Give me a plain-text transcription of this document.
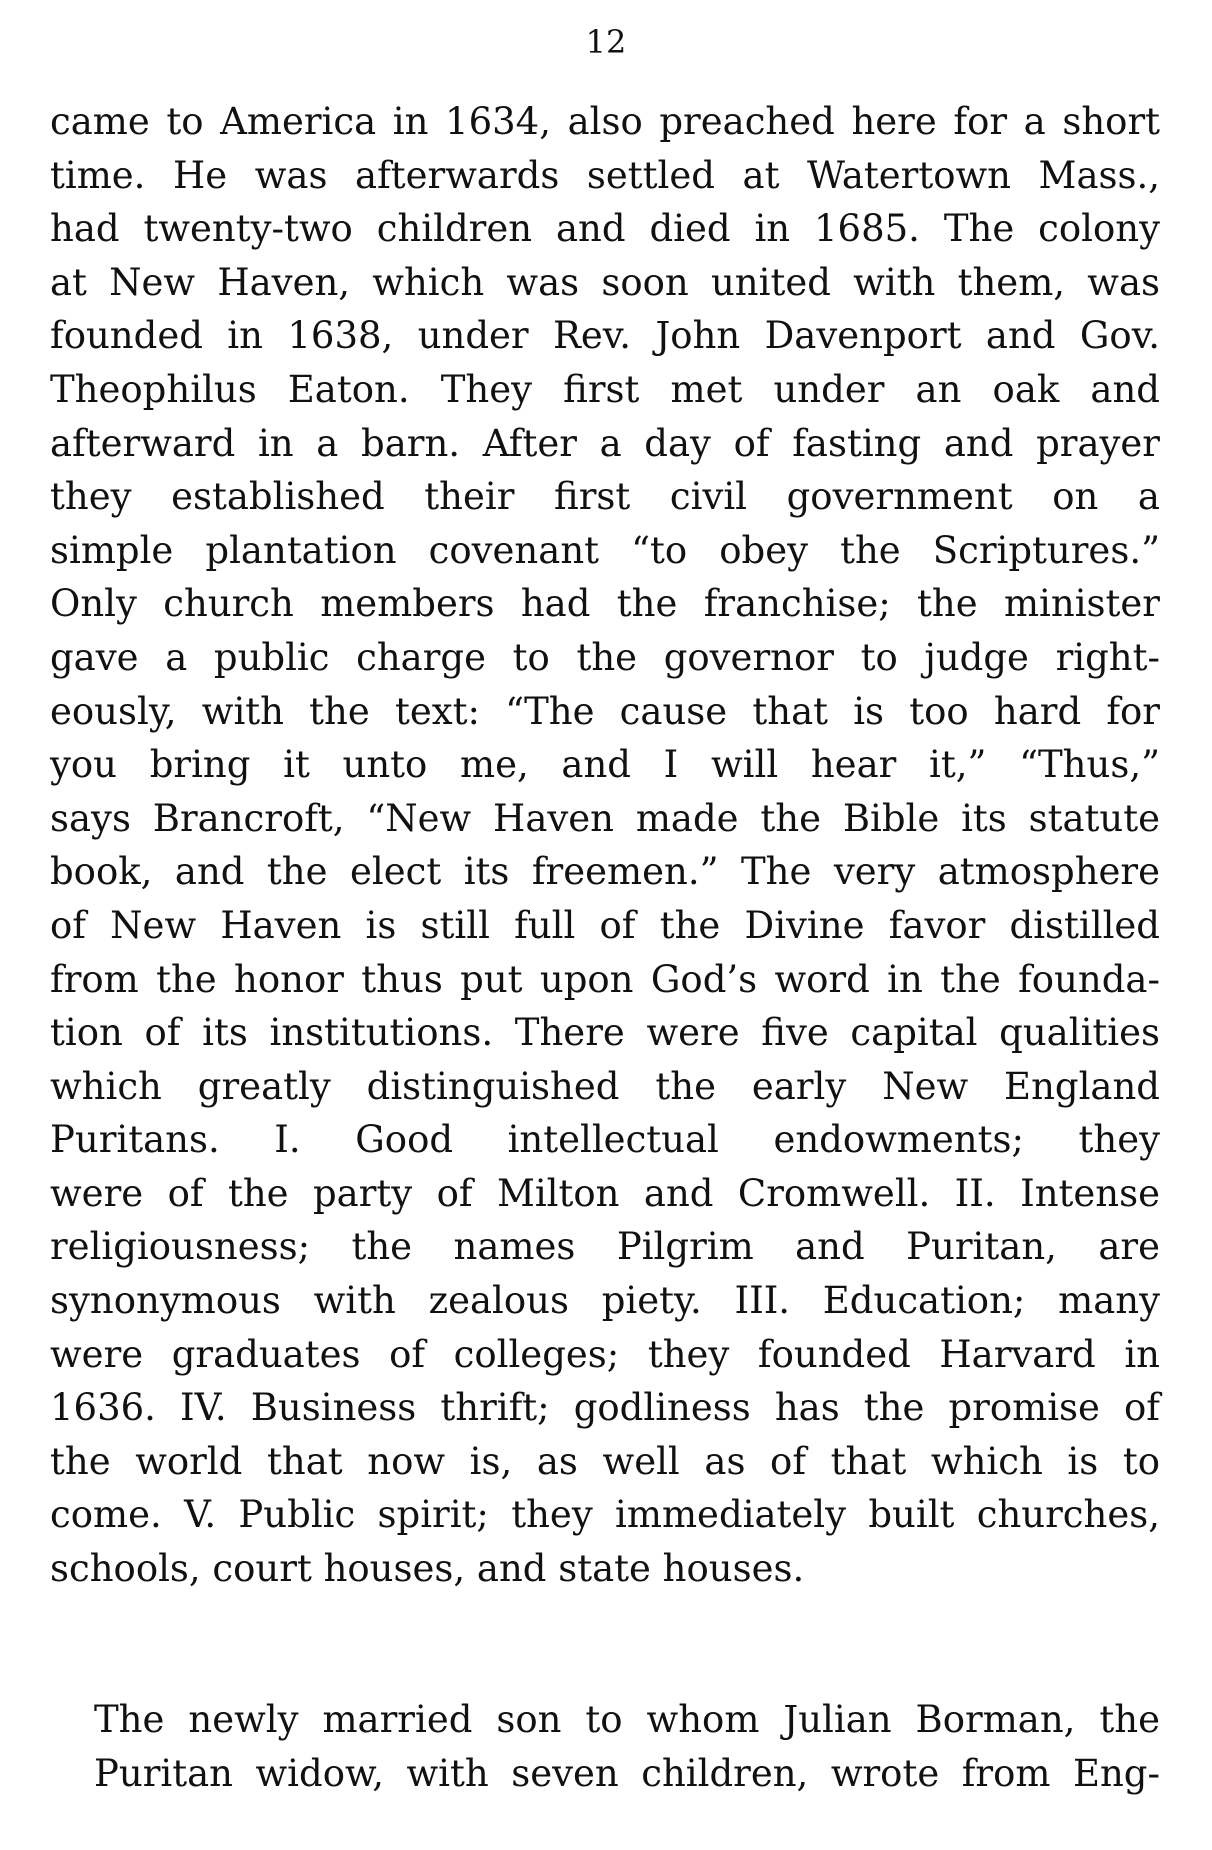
12
came to America in 1634, also preached here for a short
time. He was afterwards settled at Watertown Mass.,
had twenty-two children and died in 1685. The colony
at New Haven, which was soon united with them, was
founded in 1638, under Rev. John Davenport and Gov.
Theophilus Eaton. They first met under an oak and
afterward in a barn. After a day of fasting and prayer
they established their first civil government on a
simple plantation covenant “to obey the Scriptures.”
Only church members had the franchise; the minister
gave a public charge to the governor to judge right-
eously, with the text: “The cause that is too hard for
you bring it unto me, and I will hear it,” “Thus,”
says Brancroft, “New Haven made the Bible its statute
book, and the elect its freemen.” The very atmosphere
of New Haven is still full of the Divine favor distilled
from the honor thus put upon God’s word in the founda-
tion of its institutions. There were five capital qualities
which greatly distinguished the early New England
Puritans. I. Good intellectual endowments; they
were of the party of Milton and Cromwell. II. Intense
religiousness; the names Pilgrim and Puritan, are
synonymous with zealous piety. III. Education; many
were graduates of colleges; they founded Harvard in
1636. IV. Business thrift; godliness has the promise of
the world that now is, as well as of that which is to
come. V. Public spirit; they immediately built churches,
schools, court houses, and state houses.
The newly married son to whom Julian Borman, the
Puritan widow, with seven children, wrote from Eng-
